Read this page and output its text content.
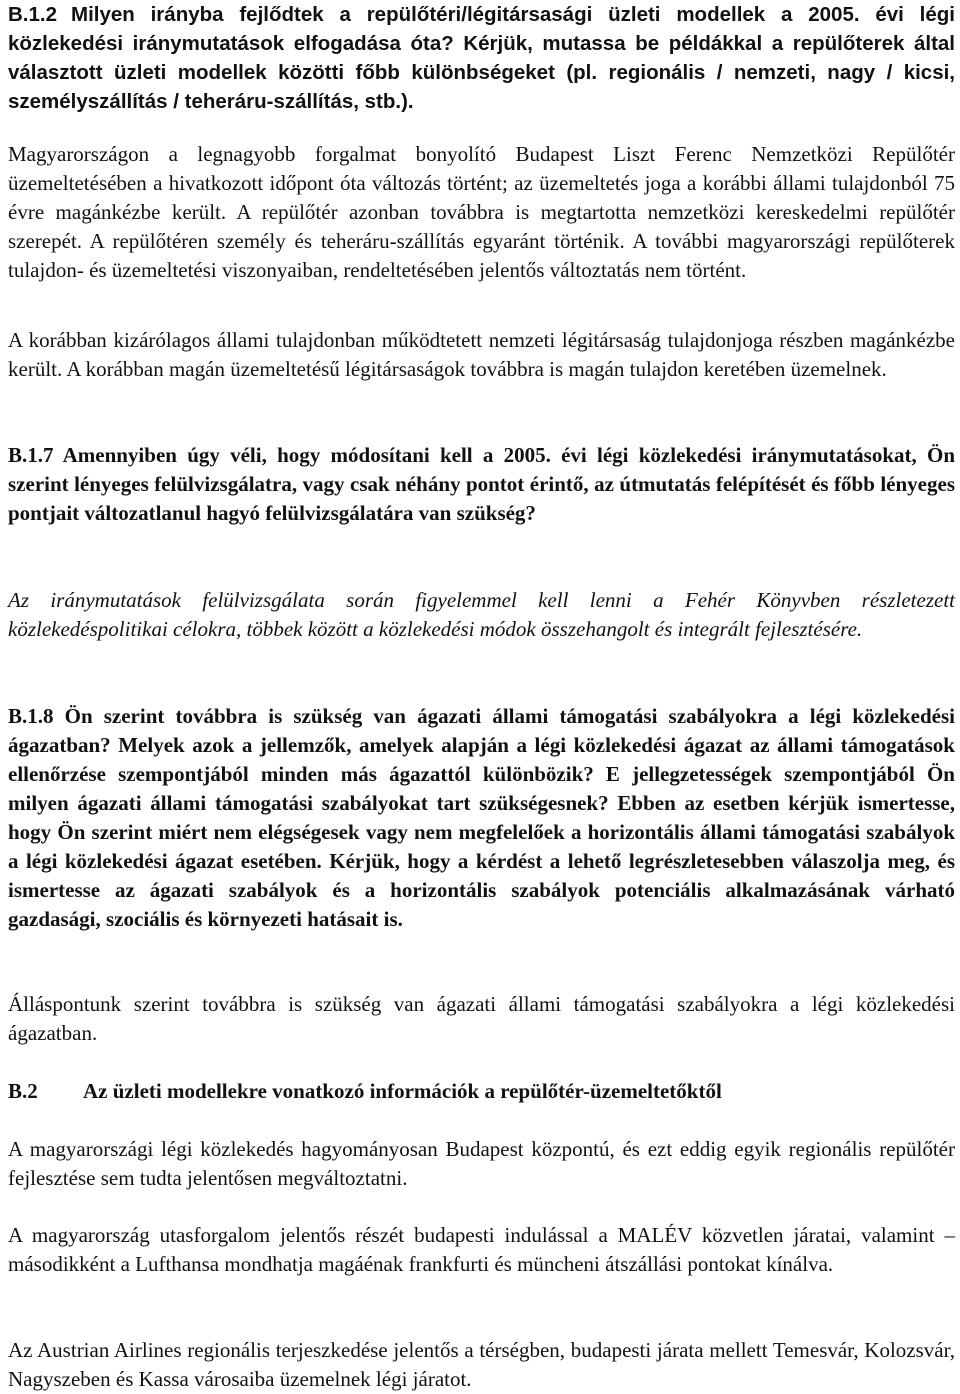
B.1.2 Milyen irányba fejlődtek a repülőtéri/légitársasági üzleti modellek a 2005. évi légi közlekedési iránymutatások elfogadása óta? Kérjük, mutassa be példákkal a repülőterek által választott üzleti modellek közötti főbb különbségeket (pl. regionális / nemzeti, nagy / kicsi, személyszállítás / teheráru-szállítás, stb.).

Magyarországon a legnagyobb forgalmat bonyolító Budapest Liszt Ferenc Nemzetközi Repülőtér üzemeltetésében a hivatkozott időpont óta változás történt; az üzemeltetés joga a korábbi állami tulajdonból 75 évre magánkézbe került. A repülőtér azonban továbbra is megtartotta nemzetközi kereskedelmi repülőtér szerepét. A repülőtéren személy és teheráru-szállítás egyaránt történik. A további magyarországi repülőterek tulajdon- és üzemeltetési viszonyaiban, rendeltetésében jelentős változtatás nem történt.

A korábban kizárólagos állami tulajdonban működtetett nemzeti légitársaság tulajdonjoga részben magánkézbe került. A korábban magán üzemeltetésű légitársaságok továbbra is magán tulajdon keretében üzemelnek.

B.1.7 Amennyiben úgy véli, hogy módosítani kell a 2005. évi légi közlekedési iránymutatásokat, Ön szerint lényeges felülvizsgálatra, vagy csak néhány pontot érintő, az útmutatás felépítését és főbb lényeges pontjait változatlanul hagyó felülvizsgálatára van szükség?

Az iránymutatások felülvizsgálata során figyelemmel kell lenni a Fehér Könyvben részletezett közlekedéspolitikai célokra, többek között a közlekedési módok összehangolt és integrált fejlesztésére.

B.1.8 Ön szerint továbbra is szükség van ágazati állami támogatási szabályokra a légi közlekedési ágazatban? Melyek azok a jellemzők, amelyek alapján a légi közlekedési ágazat az állami támogatások ellenőrzése szempontjából minden más ágazattól különbözik? E jellegzetességek szempontjából Ön milyen ágazati állami támogatási szabályokat tart szükségesnek? Ebben az esetben kérjük ismertesse, hogy Ön szerint miért nem elégségesek vagy nem megfelelőek a horizontális állami támogatási szabályok a légi közlekedési ágazat esetében. Kérjük, hogy a kérdést a lehető legrészletesebben válaszolja meg, és ismertesse az ágazati szabályok és a horizontális szabályok potenciális alkalmazásának várható gazdasági, szociális és környezeti hatásait is.

Álláspontunk szerint továbbra is szükség van ágazati állami támogatási szabályokra a légi közlekedési ágazatban.

B.2 Az üzleti modellekre vonatkozó információk a repülőtér-üzemeltetőktől

A magyarországi légi közlekedés hagyományosan Budapest központú, és ezt eddig egyik regionális repülőtér fejlesztése sem tudta jelentősen megváltoztatni.

A magyarország utasforgalom jelentős részét budapesti indulással a MALÉV közvetlen járatai, valamint – másodikként a Lufthansa mondhatja magáénak frankfurti és müncheni átszállási pontokat kínálva.

Az Austrian Airlines regionális terjeszkedése jelentős a térségben, budapesti járata mellett Temesvár, Kolozsvár, Nagyszeben és Kassa városaiba üzemelnek légi járatot.
